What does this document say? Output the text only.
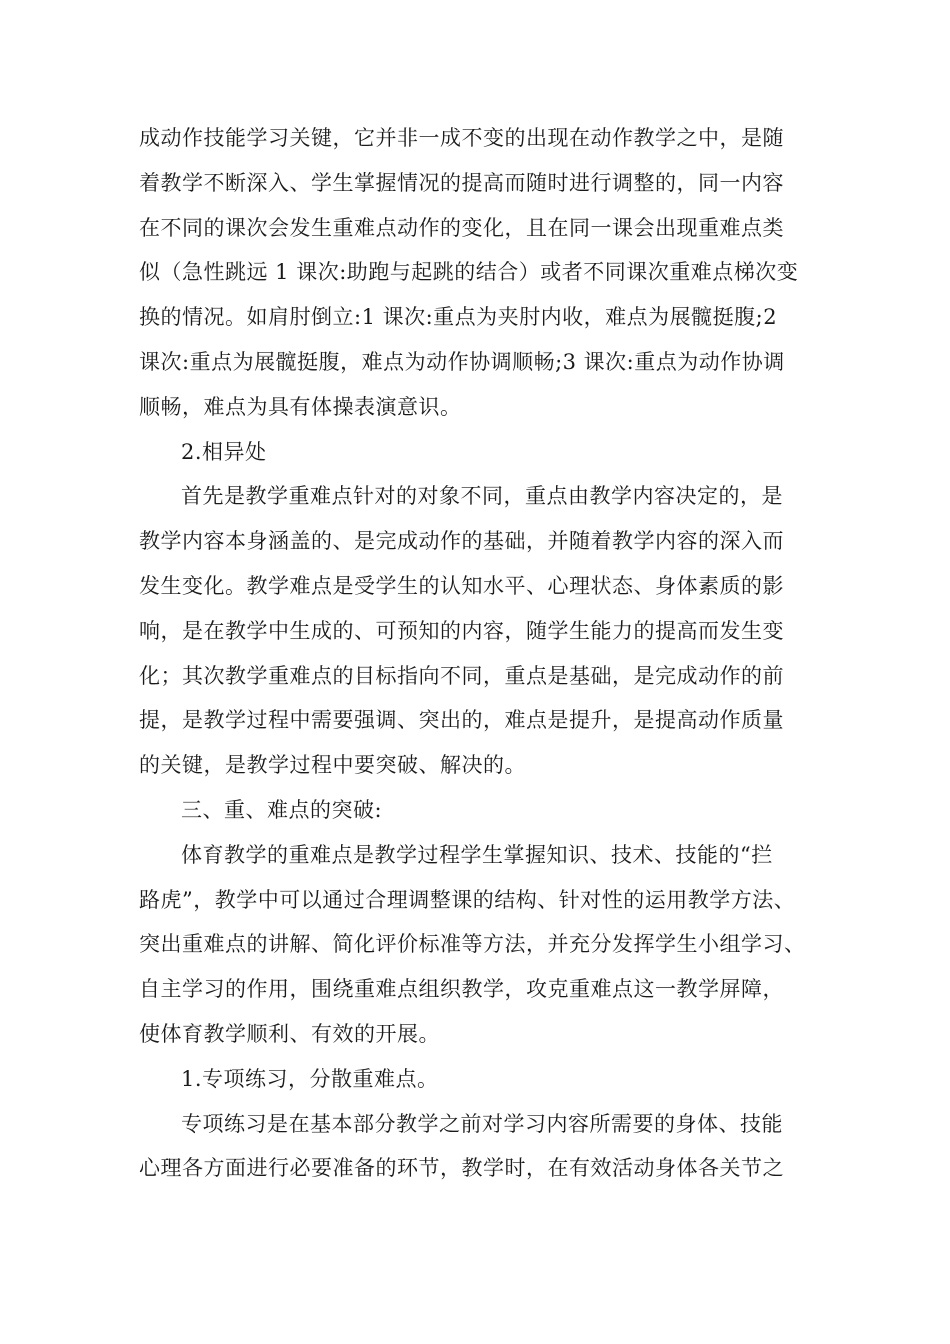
成动作技能学习关键，它并非一成不变的出现在动作教学之中，是随
着教学不断深入、学生掌握情况的提高而随时进行调整的，同一内容
在不同的课次会发生重难点动作的变化，且在同一课会出现重难点类
似（急性跳远 1 课次:助跑与起跳的结合）或者不同课次重难点梯次变
换的情况。如肩肘倒立:1 课次:重点为夹肘内收，难点为展髋挺腹;2
课次:重点为展髋挺腹，难点为动作协调顺畅;3 课次:重点为动作协调
顺畅，难点为具有体操表演意识。
2.相异处
首先是教学重难点针对的对象不同，重点由教学内容决定的，是
教学内容本身涵盖的、是完成动作的基础，并随着教学内容的深入而
发生变化。教学难点是受学生的认知水平、心理状态、身体素质的影
响，是在教学中生成的、可预知的内容，随学生能力的提高而发生变
化；其次教学重难点的目标指向不同，重点是基础，是完成动作的前
提，是教学过程中需要强调、突出的，难点是提升，是提高动作质量
的关键，是教学过程中要突破、解决的。
三、重、难点的突破:
体育教学的重难点是教学过程学生掌握知识、技术、技能的“拦
路虎”，教学中可以通过合理调整课的结构、针对性的运用教学方法、
突出重难点的讲解、简化评价标准等方法，并充分发挥学生小组学习、
自主学习的作用，围绕重难点组织教学，攻克重难点这一教学屏障，
使体育教学顺利、有效的开展。
1.专项练习，分散重难点。
专项练习是在基本部分教学之前对学习内容所需要的身体、技能
心理各方面进行必要准备的环节，教学时，在有效活动身体各关节之
